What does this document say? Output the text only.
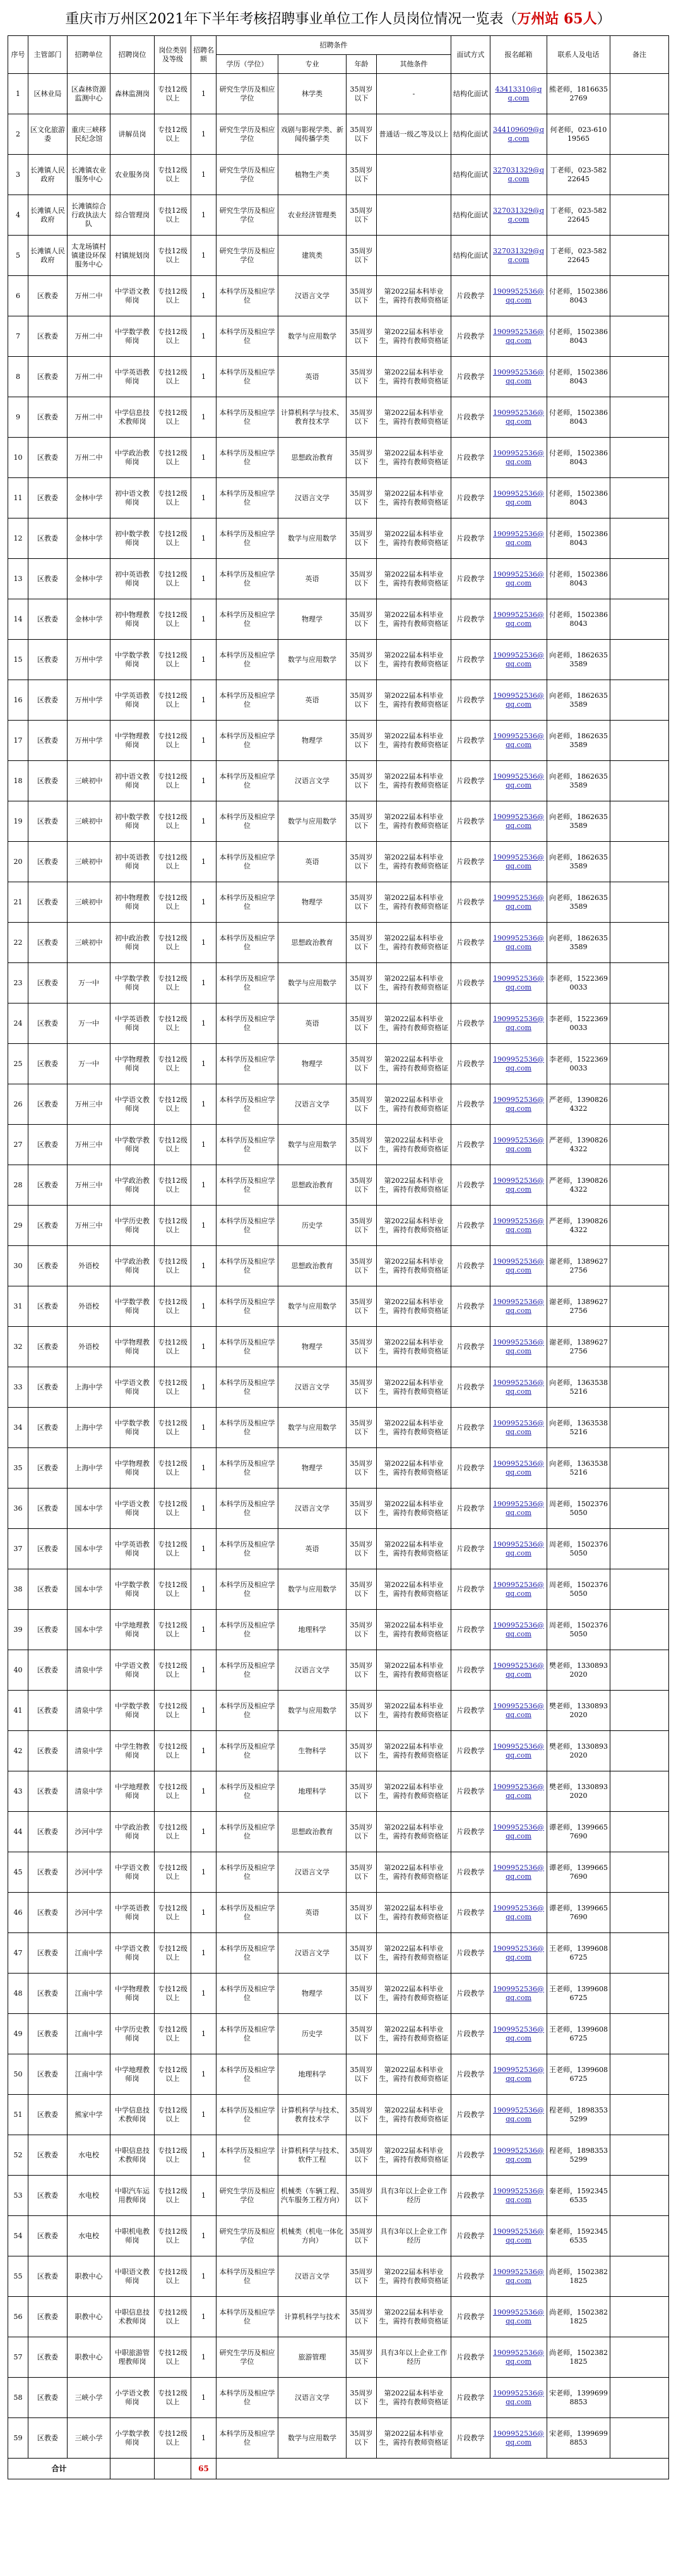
重庆市万州区2021年下半年考核招聘事业单位工作人员岗位情况一览表（ 万州站 65人 ）
序号	主管部门	招聘单位	招聘岗位	岗位类别及等级	招聘名额	招聘条件				面试方式	报名邮箱	联系人及电话	备注
						学历（学位）	专业	年龄	其他条件				
1	区林业局	区森林资源监测中心	森林监测岗	专技12级以上	1	研究生学历及相应学位	林学类	35周岁以下	-	结构化面试	43413310@qq.com	熊老师，18166352769	
2	区文化旅游委	重庆三峡移民纪念馆	讲解员岗	专技12级以上	1	研究生学历及相应学位	戏剧与影视学类、新闻传播学类	35周岁以下	普通话一级乙等及以上	结构化面试	344109609@qq.com	何老师，023-61019565	
3	长滩镇人民政府	长滩镇农业服务中心	农业服务岗	专技12级以上	1	研究生学历及相应学位	植物生产类	35周岁以下		结构化面试	327031329@qq.com	丁老师，023-58222645	
4	长滩镇人民政府	长滩镇综合行政执法大队	综合管理岗	专技12级以上	1	研究生学历及相应学位	农业经济管理类	35周岁以下		结构化面试	327031329@qq.com	丁老师，023-58222645	
5	长滩镇人民政府	太龙场镇村镇建设环保服务中心	村镇规划岗	专技12级以上	1	研究生学历及相应学位	建筑类	35周岁以下		结构化面试	327031329@qq.com	丁老师，023-58222645	
6	区教委	万州二中	中学语文教师岗	专技12级以上	1	本科学历及相应学位	汉语言文学	35周岁以下	第2022届本科毕业生，需持有教师资格证	片段教学	1909952536@qq.com	付老师，15023868043	
7	区教委	万州二中	中学数学教师岗	专技12级以上	1	本科学历及相应学位	数学与应用数学	35周岁以下	第2022届本科毕业生，需持有教师资格证	片段教学	1909952536@qq.com	付老师，15023868043	
8	区教委	万州二中	中学英语教师岗	专技12级以上	1	本科学历及相应学位	英语	35周岁以下	第2022届本科毕业生，需持有教师资格证	片段教学	1909952536@qq.com	付老师，15023868043	
9	区教委	万州二中	中学信息技术教师岗	专技12级以上	1	本科学历及相应学位	计算机科学与技术、教育技术学	35周岁以下	第2022届本科毕业生，需持有教师资格证	片段教学	1909952536@qq.com	付老师，15023868043	
10	区教委	万州二中	中学政治教师岗	专技12级以上	1	本科学历及相应学位	思想政治教育	35周岁以下	第2022届本科毕业生，需持有教师资格证	片段教学	1909952536@qq.com	付老师，15023868043	
11	区教委	金林中学	初中语文教师岗	专技12级以上	1	本科学历及相应学位	汉语言文学	35周岁以下	第2022届本科毕业生，需持有教师资格证	片段教学	1909952536@qq.com	付老师，15023868043	
12	区教委	金林中学	初中数学教师岗	专技12级以上	1	本科学历及相应学位	数学与应用数学	35周岁以下	第2022届本科毕业生，需持有教师资格证	片段教学	1909952536@qq.com	付老师，15023868043	
13	区教委	金林中学	初中英语教师岗	专技12级以上	1	本科学历及相应学位	英语	35周岁以下	第2022届本科毕业生，需持有教师资格证	片段教学	1909952536@qq.com	付老师，15023868043	
14	区教委	金林中学	初中物理教师岗	专技12级以上	1	本科学历及相应学位	物理学	35周岁以下	第2022届本科毕业生，需持有教师资格证	片段教学	1909952536@qq.com	付老师，15023868043	
15	区教委	万州中学	中学数学教师岗	专技12级以上	1	本科学历及相应学位	数学与应用数学	35周岁以下	第2022届本科毕业生，需持有教师资格证	片段教学	1909952536@qq.com	向老师，18626353589	
16	区教委	万州中学	中学英语教师岗	专技12级以上	1	本科学历及相应学位	英语	35周岁以下	第2022届本科毕业生，需持有教师资格证	片段教学	1909952536@qq.com	向老师，18626353589	
17	区教委	万州中学	中学物理教师岗	专技12级以上	1	本科学历及相应学位	物理学	35周岁以下	第2022届本科毕业生，需持有教师资格证	片段教学	1909952536@qq.com	向老师，18626353589	
18	区教委	三峡初中	初中语文教师岗	专技12级以上	1	本科学历及相应学位	汉语言文学	35周岁以下	第2022届本科毕业生，需持有教师资格证	片段教学	1909952536@qq.com	向老师，18626353589	
19	区教委	三峡初中	初中数学教师岗	专技12级以上	1	本科学历及相应学位	数学与应用数学	35周岁以下	第2022届本科毕业生，需持有教师资格证	片段教学	1909952536@qq.com	向老师，18626353589	
20	区教委	三峡初中	初中英语教师岗	专技12级以上	1	本科学历及相应学位	英语	35周岁以下	第2022届本科毕业生，需持有教师资格证	片段教学	1909952536@qq.com	向老师，18626353589	
21	区教委	三峡初中	初中物理教师岗	专技12级以上	1	本科学历及相应学位	物理学	35周岁以下	第2022届本科毕业生，需持有教师资格证	片段教学	1909952536@qq.com	向老师，18626353589	
22	区教委	三峡初中	初中政治教师岗	专技12级以上	1	本科学历及相应学位	思想政治教育	35周岁以下	第2022届本科毕业生，需持有教师资格证	片段教学	1909952536@qq.com	向老师，18626353589	
23	区教委	万一中	中学数学教师岗	专技12级以上	1	本科学历及相应学位	数学与应用数学	35周岁以下	第2022届本科毕业生，需持有教师资格证	片段教学	1909952536@qq.com	李老师，15223690033	
24	区教委	万一中	中学英语教师岗	专技12级以上	1	本科学历及相应学位	英语	35周岁以下	第2022届本科毕业生，需持有教师资格证	片段教学	1909952536@qq.com	李老师，15223690033	
25	区教委	万一中	中学物理教师岗	专技12级以上	1	本科学历及相应学位	物理学	35周岁以下	第2022届本科毕业生，需持有教师资格证	片段教学	1909952536@qq.com	李老师，15223690033	
26	区教委	万州三中	中学语文教师岗	专技12级以上	1	本科学历及相应学位	汉语言文学	35周岁以下	第2022届本科毕业生，需持有教师资格证	片段教学	1909952536@qq.com	严老师，13908264322	
27	区教委	万州三中	中学数学教师岗	专技12级以上	1	本科学历及相应学位	数学与应用数学	35周岁以下	第2022届本科毕业生，需持有教师资格证	片段教学	1909952536@qq.com	严老师，13908264322	
28	区教委	万州三中	中学政治教师岗	专技12级以上	1	本科学历及相应学位	思想政治教育	35周岁以下	第2022届本科毕业生，需持有教师资格证	片段教学	1909952536@qq.com	严老师，13908264322	
29	区教委	万州三中	中学历史教师岗	专技12级以上	1	本科学历及相应学位	历史学	35周岁以下	第2022届本科毕业生，需持有教师资格证	片段教学	1909952536@qq.com	严老师，13908264322	
30	区教委	外语校	中学政治教师岗	专技12级以上	1	本科学历及相应学位	思想政治教育	35周岁以下	第2022届本科毕业生，需持有教师资格证	片段教学	1909952536@qq.com	谢老师，13896272756	
31	区教委	外语校	中学数学教师岗	专技12级以上	1	本科学历及相应学位	数学与应用数学	35周岁以下	第2022届本科毕业生，需持有教师资格证	片段教学	1909952536@qq.com	谢老师，13896272756	
32	区教委	外语校	中学物理教师岗	专技12级以上	1	本科学历及相应学位	物理学	35周岁以下	第2022届本科毕业生，需持有教师资格证	片段教学	1909952536@qq.com	谢老师，13896272756	
33	区教委	上海中学	中学语文教师岗	专技12级以上	1	本科学历及相应学位	汉语言文学	35周岁以下	第2022届本科毕业生，需持有教师资格证	片段教学	1909952536@qq.com	向老师，13635385216	
34	区教委	上海中学	中学数学教师岗	专技12级以上	1	本科学历及相应学位	数学与应用数学	35周岁以下	第2022届本科毕业生，需持有教师资格证	片段教学	1909952536@qq.com	向老师，13635385216	
35	区教委	上海中学	中学物理教师岗	专技12级以上	1	本科学历及相应学位	物理学	35周岁以下	第2022届本科毕业生，需持有教师资格证	片段教学	1909952536@qq.com	向老师，13635385216	
36	区教委	国本中学	中学语文教师岗	专技12级以上	1	本科学历及相应学位	汉语言文学	35周岁以下	第2022届本科毕业生，需持有教师资格证	片段教学	1909952536@qq.com	周老师，15023765050	
37	区教委	国本中学	中学英语教师岗	专技12级以上	1	本科学历及相应学位	英语	35周岁以下	第2022届本科毕业生，需持有教师资格证	片段教学	1909952536@qq.com	周老师，15023765050	
38	区教委	国本中学	中学数学教师岗	专技12级以上	1	本科学历及相应学位	数学与应用数学	35周岁以下	第2022届本科毕业生，需持有教师资格证	片段教学	1909952536@qq.com	周老师，15023765050	
39	区教委	国本中学	中学地理教师岗	专技12级以上	1	本科学历及相应学位	地理科学	35周岁以下	第2022届本科毕业生，需持有教师资格证	片段教学	1909952536@qq.com	周老师，15023765050	
40	区教委	清泉中学	中学语文教师岗	专技12级以上	1	本科学历及相应学位	汉语言文学	35周岁以下	第2022届本科毕业生，需持有教师资格证	片段教学	1909952536@qq.com	樊老师，13308932020	
41	区教委	清泉中学	中学数学教师岗	专技12级以上	1	本科学历及相应学位	数学与应用数学	35周岁以下	第2022届本科毕业生，需持有教师资格证	片段教学	1909952536@qq.com	樊老师，13308932020	
42	区教委	清泉中学	中学生物教师岗	专技12级以上	1	本科学历及相应学位	生物科学	35周岁以下	第2022届本科毕业生，需持有教师资格证	片段教学	1909952536@qq.com	樊老师，13308932020	
43	区教委	清泉中学	中学地理教师岗	专技12级以上	1	本科学历及相应学位	地理科学	35周岁以下	第2022届本科毕业生，需持有教师资格证	片段教学	1909952536@qq.com	樊老师，13308932020	
44	区教委	沙河中学	中学政治教师岗	专技12级以上	1	本科学历及相应学位	思想政治教育	35周岁以下	第2022届本科毕业生，需持有教师资格证	片段教学	1909952536@qq.com	谭老师，13996657690	
45	区教委	沙河中学	中学语文教师岗	专技12级以上	1	本科学历及相应学位	汉语言文学	35周岁以下	第2022届本科毕业生，需持有教师资格证	片段教学	1909952536@qq.com	谭老师，13996657690	
46	区教委	沙河中学	中学英语教师岗	专技12级以上	1	本科学历及相应学位	英语	35周岁以下	第2022届本科毕业生，需持有教师资格证	片段教学	1909952536@qq.com	谭老师，13996657690	
47	区教委	江南中学	中学语文教师岗	专技12级以上	1	本科学历及相应学位	汉语言文学	35周岁以下	第2022届本科毕业生，需持有教师资格证	片段教学	1909952536@qq.com	王老师，13996086725	
48	区教委	江南中学	中学物理教师岗	专技12级以上	1	本科学历及相应学位	物理学	35周岁以下	第2022届本科毕业生，需持有教师资格证	片段教学	1909952536@qq.com	王老师，13996086725	
49	区教委	江南中学	中学历史教师岗	专技12级以上	1	本科学历及相应学位	历史学	35周岁以下	第2022届本科毕业生，需持有教师资格证	片段教学	1909952536@qq.com	王老师，13996086725	
50	区教委	江南中学	中学地理教师岗	专技12级以上	1	本科学历及相应学位	地理科学	35周岁以下	第2022届本科毕业生，需持有教师资格证	片段教学	1909952536@qq.com	王老师，13996086725	
51	区教委	熊家中学	中学信息技术教师岗	专技12级以上	1	本科学历及相应学位	计算机科学与技术、教育技术学	35周岁以下	第2022届本科毕业生，需持有教师资格证	片段教学	1909952536@qq.com	程老师，18983535299	
52	区教委	水电校	中职信息技术教师岗	专技12级以上	1	本科学历及相应学位	计算机科学与技术、软件工程	35周岁以下	第2022届本科毕业生，需持有教师资格证	片段教学	1909952536@qq.com	程老师，18983535299	
53	区教委	水电校	中职汽车运用教师岗	专技12级以上	1	研究生学历及相应学位	机械类（车辆工程、汽车服务工程方向）	35周岁以下	具有3年以上企业工作经历	片段教学	1909952536@qq.com	秦老师，15923456535	
54	区教委	水电校	中职机电教师岗	专技12级以上	1	研究生学历及相应学位	机械类（机电一体化方向）	35周岁以下	具有3年以上企业工作经历	片段教学	1909952536@qq.com	秦老师，15923456535	
55	区教委	职教中心	中职语文教师岗	专技12级以上	1	本科学历及相应学位	汉语言文学	35周岁以下	第2022届本科毕业生，需持有教师资格证	片段教学	1909952536@qq.com	尚老师，15023821825	
56	区教委	职教中心	中职信息技术教师岗	专技12级以上	1	本科学历及相应学位	计算机科学与技术	35周岁以下	第2022届本科毕业生，需持有教师资格证	片段教学	1909952536@qq.com	尚老师，15023821825	
57	区教委	职教中心	中职旅游管理教师岗	专技12级以上	1	研究生学历及相应学位	旅游管理	35周岁以下	具有3年以上企业工作经历	片段教学	1909952536@qq.com	尚老师，15023821825	
58	区教委	三峡小学	小学语文教师岗	专技12级以上	1	本科学历及相应学位	汉语言文学	35周岁以下	第2022届本科毕业生，需持有教师资格证	片段教学	1909952536@qq.com	宋老师，13996998853	
59	区教委	三峡小学	小学数学教师岗	专技12级以上	1	本科学历及相应学位	数学与应用数学	35周岁以下	第2022届本科毕业生，需持有教师资格证	片段教学	1909952536@qq.com	宋老师，13996998853	
合计					65								
